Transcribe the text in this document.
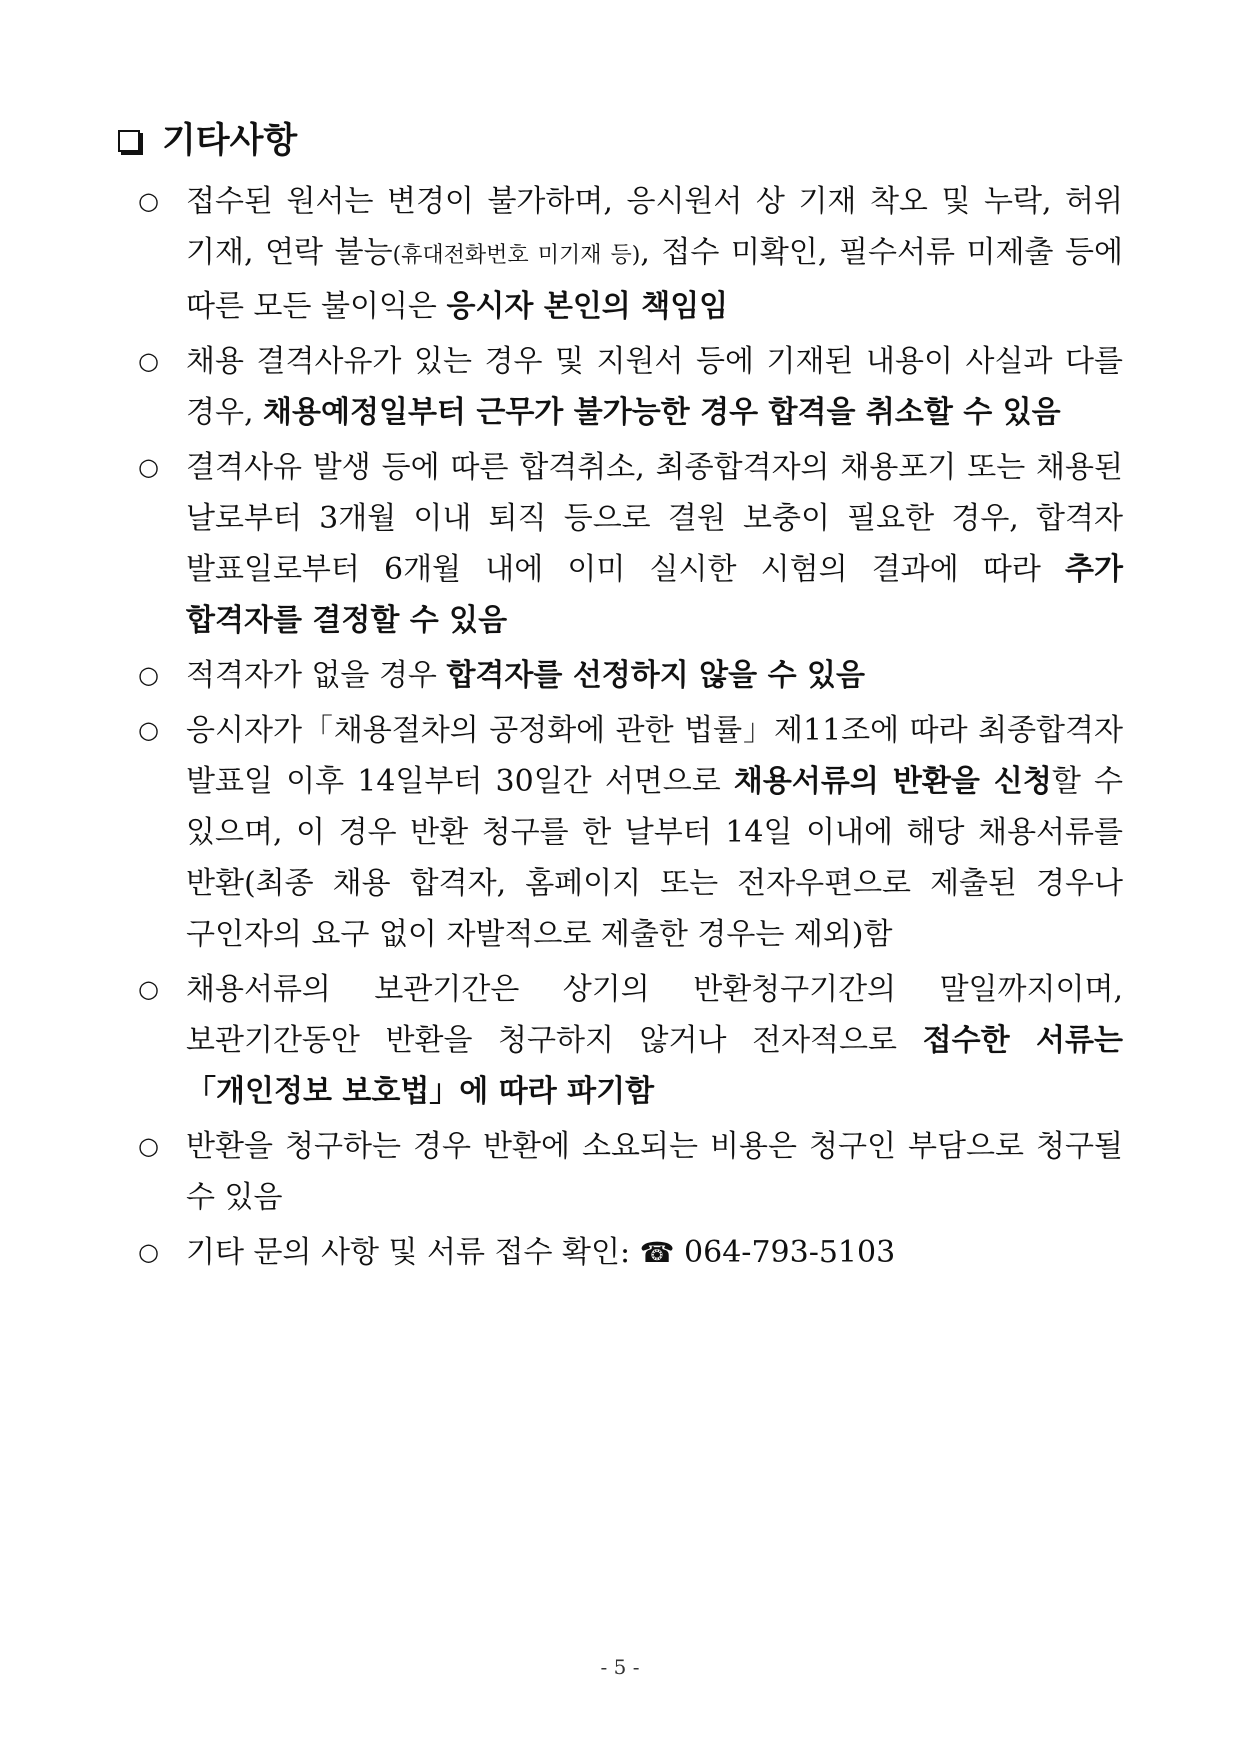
기타사항
○ 접수된 원서는 변경이 불가하며, 응시원서 상 기재 착오 및 누락, 허위 기재, 연락 불능(휴대전화번호 미기재 등), 접수 미확인, 필수서류 미제출 등에 따른 모든 불이익은 응시자 본인의 책임임
○ 채용 결격사유가 있는 경우 및 지원서 등에 기재된 내용이 사실과 다를 경우, 채용예정일부터 근무가 불가능한 경우 합격을 취소할 수 있음
○ 결격사유 발생 등에 따른 합격취소, 최종합격자의 채용포기 또는 채용된 날로부터 3개월 이내 퇴직 등으로 결원 보충이 필요한 경우, 합격자 발표일로부터 6개월 내에 이미 실시한 시험의 결과에 따라 추가 합격자를 결정할 수 있음
○ 적격자가 없을 경우 합격자를 선정하지 않을 수 있음
○ 응시자가「채용절차의 공정화에 관한 법률」제11조에 따라 최종합격자 발표일 이후 14일부터 30일간 서면으로 채용서류의 반환을 신청할 수 있으며, 이 경우 반환 청구를 한 날부터 14일 이내에 해당 채용서류를 반환(최종 채용 합격자, 홈페이지 또는 전자우편으로 제출된 경우나 구인자의 요구 없이 자발적으로 제출한 경우는 제외)함
○ 채용서류의 보관기간은 상기의 반환청구기간의 말일까지이며, 보관기간동안 반환을 청구하지 않거나 전자적으로 접수한 서류는「개인정보 보호법」에 따라 파기함
○ 반환을 청구하는 경우 반환에 소요되는 비용은 청구인 부담으로 청구될 수 있음
○ 기타 문의 사항 및 서류 접수 확인: ☎ 064-793-5103
- 5 -
